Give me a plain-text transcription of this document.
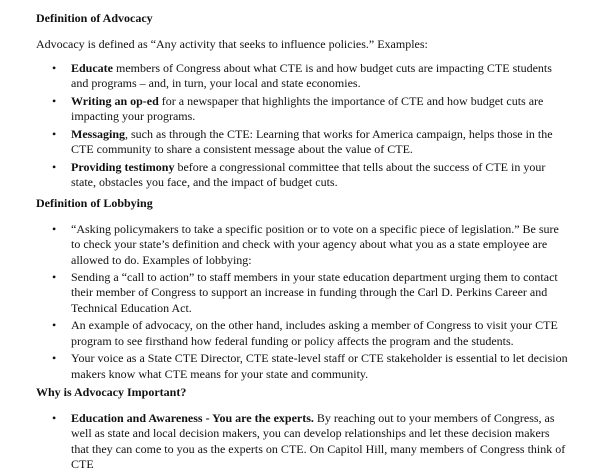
Definition of Advocacy

Advocacy is defined as “Any activity that seeks to influence policies.” Examples:

• Educate members of Congress about what CTE is and how budget cuts are impacting CTE students and programs – and, in turn, your local and state economies.
• Writing an op-ed for a newspaper that highlights the importance of CTE and how budget cuts are impacting your programs.
• Messaging, such as through the CTE: Learning that works for America campaign, helps those in the CTE community to share a consistent message about the value of CTE.
• Providing testimony before a congressional committee that tells about the success of CTE in your state, obstacles you face, and the impact of budget cuts.
Definition of Lobbying
• “Asking policymakers to take a specific position or to vote on a specific piece of legislation.” Be sure to check your state’s definition and check with your agency about what you as a state employee are allowed to do. Examples of lobbying:
• Sending a “call to action” to staff members in your state education department urging them to contact their member of Congress to support an increase in funding through the Carl D. Perkins Career and Technical Education Act.
• An example of advocacy, on the other hand, includes asking a member of Congress to visit your CTE program to see firsthand how federal funding or policy affects the program and the students.
• Your voice as a State CTE Director, CTE state-level staff or CTE stakeholder is essential to let decision makers know what CTE means for your state and community.
Why is Advocacy Important?
• Education and Awareness - You are the experts. By reaching out to your members of Congress, as well as state and local decision makers, you can develop relationships and let these decision makers that they can come to you as the experts on CTE. On Capitol Hill, many members of Congress think of CTE
